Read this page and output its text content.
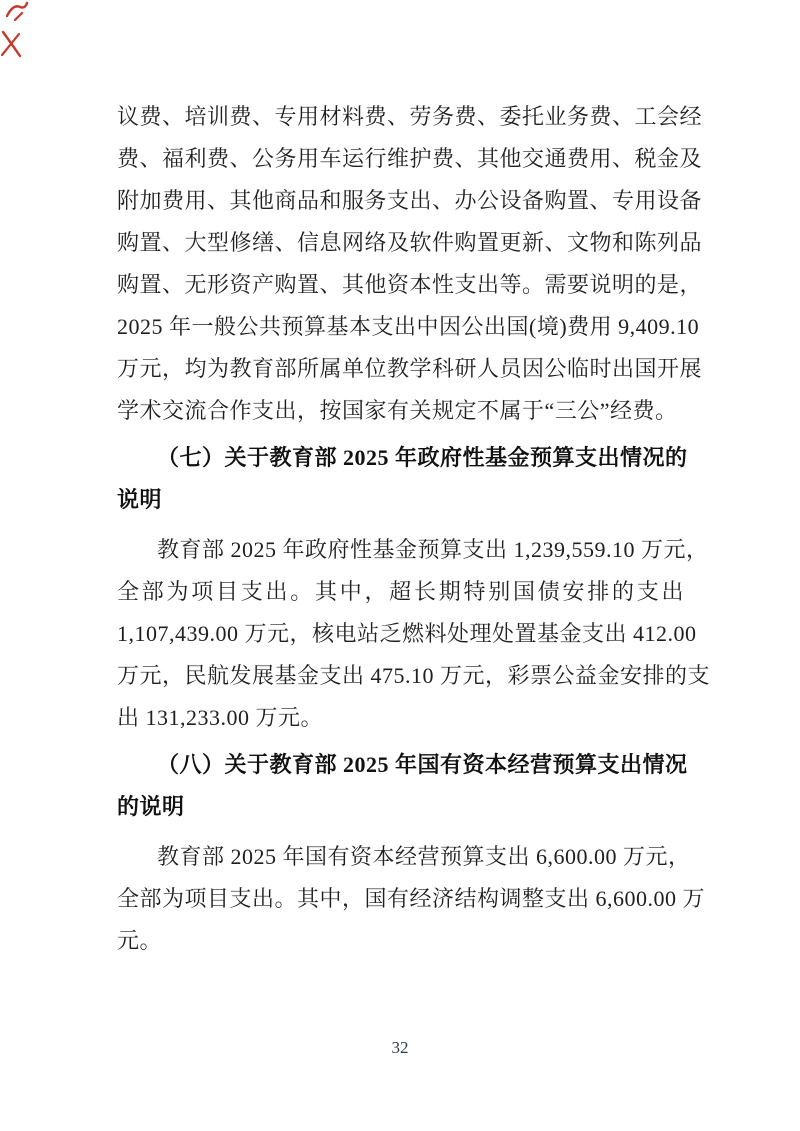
议费、培训费、专用材料费、劳务费、委托业务费、工会经
费、福利费、公务用车运行维护费、其他交通费用、税金及
附加费用、其他商品和服务支出、办公设备购置、专用设备
购置、大型修缮、信息网络及软件购置更新、文物和陈列品
购置、无形资产购置、其他资本性支出等。需要说明的是，
2025 年一般公共预算基本支出中因公出国(境)费用 9,409.10
万元，均为教育部所属单位教学科研人员因公临时出国开展
学术交流合作支出，按国家有关规定不属于“三公”经费。
（七）关于教育部 2025 年政府性基金预算支出情况的
说明
教育部 2025 年政府性基金预算支出 1,239,559.10 万元，
全部为项目支出。其中，超长期特别国债安排的支出
1,107,439.00 万元，核电站乏燃料处理处置基金支出 412.00
万元，民航发展基金支出 475.10 万元，彩票公益金安排的支
出 131,233.00 万元。
（八）关于教育部 2025 年国有资本经营预算支出情况
的说明
教育部 2025 年国有资本经营预算支出 6,600.00 万元，
全部为项目支出。其中，国有经济结构调整支出 6,600.00 万
元。
32
